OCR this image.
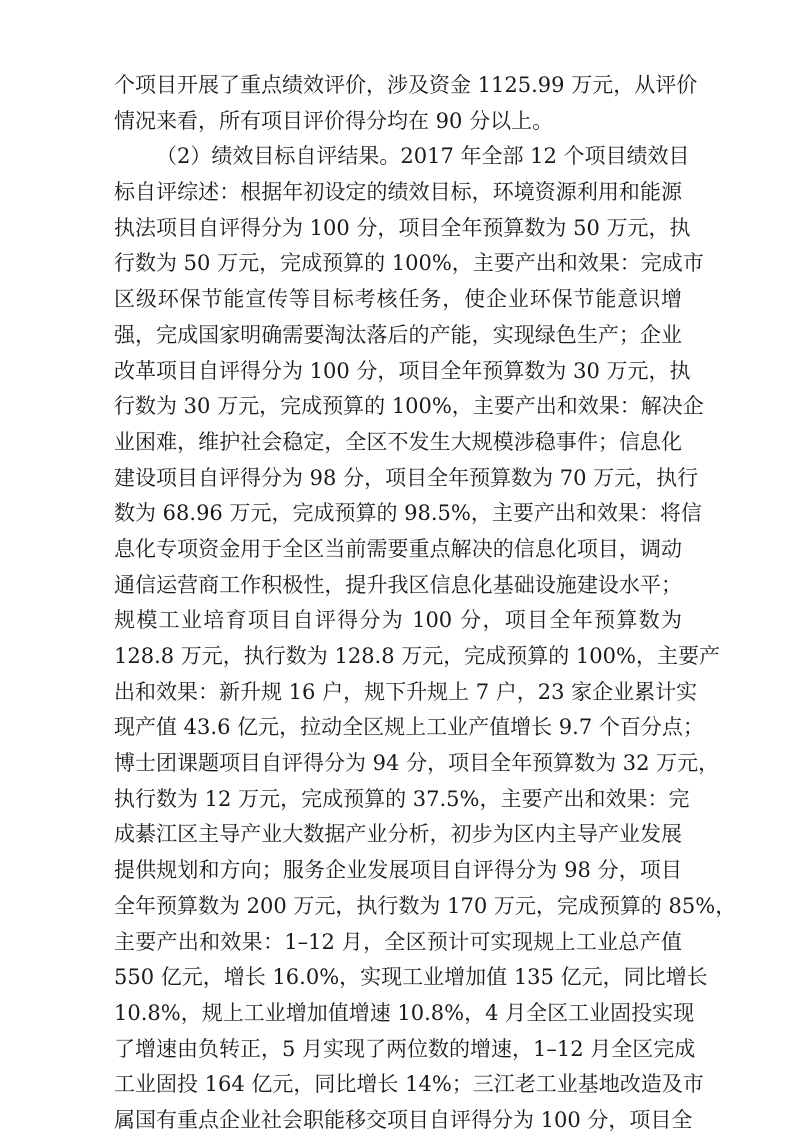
个项目开展了重点绩效评价，涉及资金 1125.99 万元，从评价
情况来看，所有项目评价得分均在 90 分以上。
（2）绩效目标自评结果。2017 年全部 12 个项目绩效目
标自评综述：根据年初设定的绩效目标，环境资源利用和能源
执法项目自评得分为 100 分，项目全年预算数为 50 万元，执
行数为 50 万元，完成预算的 100%，主要产出和效果：完成市
区级环保节能宣传等目标考核任务，使企业环保节能意识增
强，完成国家明确需要淘汰落后的产能，实现绿色生产；企业
改革项目自评得分为 100 分，项目全年预算数为 30 万元，执
行数为 30 万元，完成预算的 100%，主要产出和效果：解决企
业困难，维护社会稳定，全区不发生大规模涉稳事件；信息化
建设项目自评得分为 98 分，项目全年预算数为 70 万元，执行
数为 68.96 万元，完成预算的 98.5%，主要产出和效果：将信
息化专项资金用于全区当前需要重点解决的信息化项目，调动
通信运营商工作积极性，提升我区信息化基础设施建设水平；
规模工业培育项目自评得分为 100 分，项目全年预算数为
128.8 万元，执行数为 128.8 万元，完成预算的 100%，主要产
出和效果：新升规 16 户，规下升规上 7 户，23 家企业累计实
现产值 43.6 亿元，拉动全区规上工业产值增长 9.7 个百分点；
博士团课题项目自评得分为 94 分，项目全年预算数为 32 万元，
执行数为 12 万元，完成预算的 37.5%，主要产出和效果：完
成綦江区主导产业大数据产业分析，初步为区内主导产业发展
提供规划和方向；服务企业发展项目自评得分为 98 分，项目
全年预算数为 200 万元，执行数为 170 万元，完成预算的 85%，
主要产出和效果：1–12 月，全区预计可实现规上工业总产值
550 亿元，增长 16.0%，实现工业增加值 135 亿元，同比增长
10.8%，规上工业增加值增速 10.8%，4 月全区工业固投实现
了增速由负转正，5 月实现了两位数的增速，1–12 月全区完成
工业固投 164 亿元，同比增长 14%；三江老工业基地改造及市
属国有重点企业社会职能移交项目自评得分为 100 分，项目全
